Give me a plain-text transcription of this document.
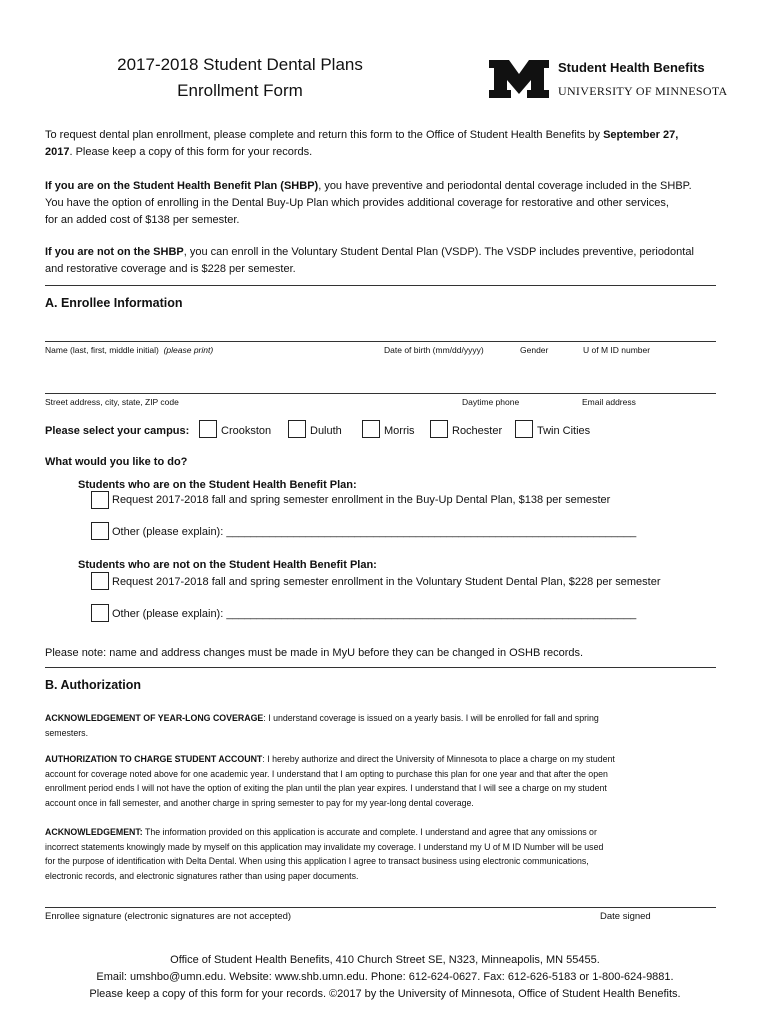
2017-2018 Student Dental Plans
Enrollment Form
Student Health Benefits
UNIVERSITY OF MINNESOTA
To request dental plan enrollment, please complete and return this form to the Office of Student Health Benefits by September 27,
2017. Please keep a copy of this form for your records.
If you are on the Student Health Benefit Plan (SHBP), you have preventive and periodontal dental coverage included in the SHBP.
You have the option of enrolling in the Dental Buy-Up Plan which provides additional coverage for restorative and other services,
for an added cost of $138 per semester.
If you are not on the SHBP, you can enroll in the Voluntary Student Dental Plan (VSDP). The VSDP includes preventive, periodontal
and restorative coverage and is $228 per semester.
A. Enrollee Information
Name (last, first, middle initial) (please print)	Date of birth (mm/dd/yyyy)	Gender	U of M ID number
Street address, city, state, ZIP code	Daytime phone	Email address
Please select your campus:	Crookston	Duluth	Morris	Rochester	Twin Cities
What would you like to do?
Students who are on the Student Health Benefit Plan:
Request 2017-2018 fall and spring semester enrollment in the Buy-Up Dental Plan, $138 per semester
Other (please explain): ___________________________________________________________________
Students who are not on the Student Health Benefit Plan:
Request 2017-2018 fall and spring semester enrollment in the Voluntary Student Dental Plan, $228 per semester
Other (please explain): ___________________________________________________________________
Please note: name and address changes must be made in MyU before they can be changed in OSHB records.
B. Authorization
ACKNOWLEDGEMENT OF YEAR-LONG COVERAGE: I understand coverage is issued on a yearly basis. I will be enrolled for fall and spring
semesters.
AUTHORIZATION TO CHARGE STUDENT ACCOUNT: I hereby authorize and direct the University of Minnesota to place a charge on my student
account for coverage noted above for one academic year. I understand that I am opting to purchase this plan for one year and that after the open
enrollment period ends I will not have the option of exiting the plan until the plan year expires. I understand that I will see a charge on my student
account once in fall semester, and another charge in spring semester to pay for my year-long dental coverage.
ACKNOWLEDGEMENT: The information provided on this application is accurate and complete. I understand and agree that any omissions or
incorrect statements knowingly made by myself on this application may invalidate my coverage. I understand my U of M ID Number will be used
for the purpose of identification with Delta Dental. When using this application I agree to transact business using electronic communications,
electronic records, and electronic signatures rather than using paper documents.
Enrollee signature (electronic signatures are not accepted)	Date signed
Office of Student Health Benefits, 410 Church Street SE, N323, Minneapolis, MN 55455.
Email: umshbo@umn.edu. Website: www.shb.umn.edu. Phone: 612-624-0627. Fax: 612-626-5183 or 1-800-624-9881.
Please keep a copy of this form for your records. ©2017 by the University of Minnesota, Office of Student Health Benefits.
